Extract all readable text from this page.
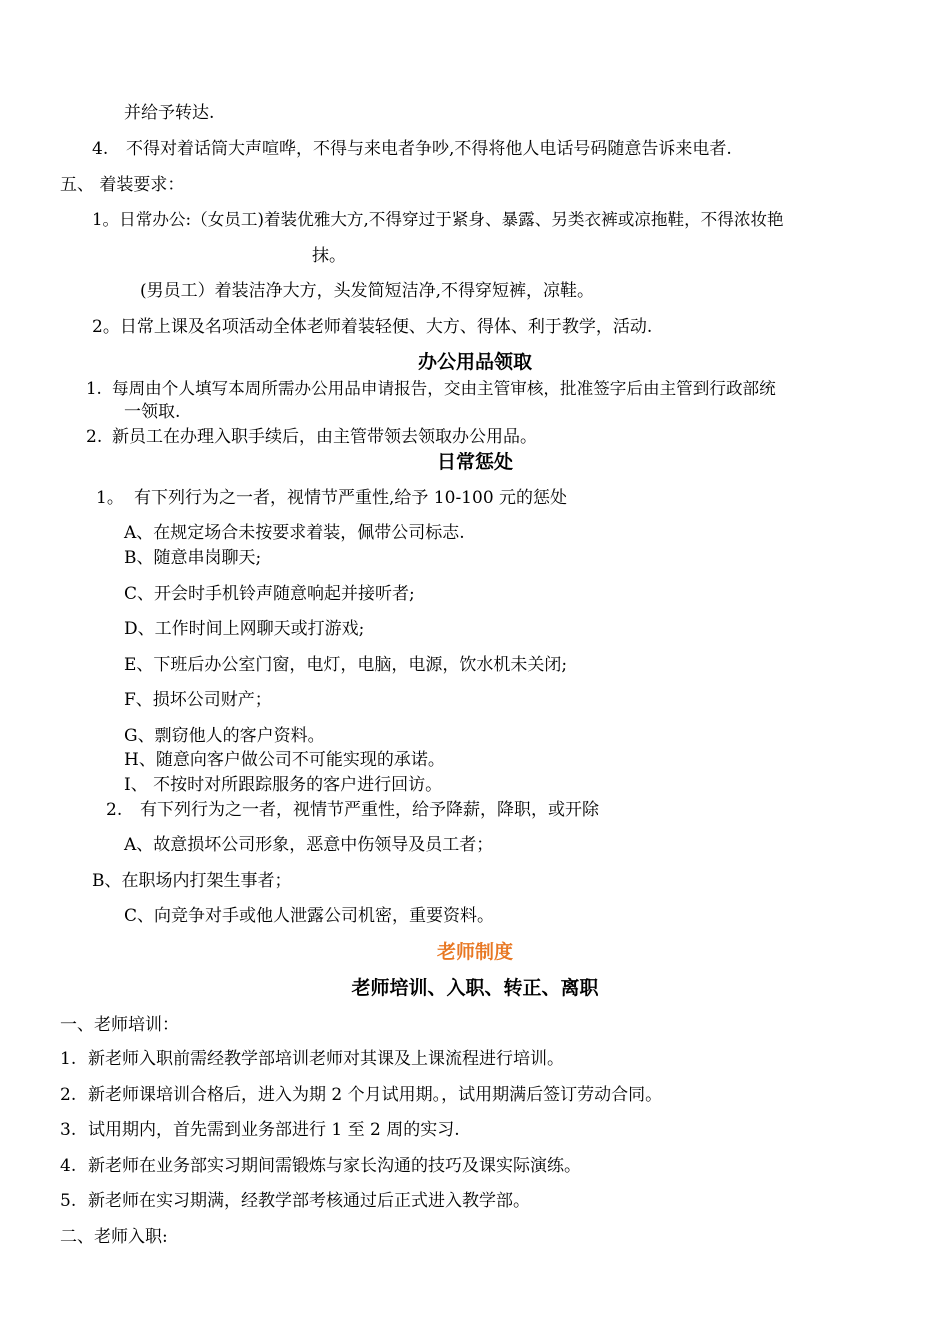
并给予转达.
4. 不得对着话筒大声喧哗，不得与来电者争吵,不得将他人电话号码随意告诉来电者.
五、 着装要求：
1。日常办公:（女员工)着装优雅大方,不得穿过于紧身、暴露、另类衣裤或凉拖鞋，不得浓妆艳
抹。
(男员工）着装洁净大方，头发简短洁净,不得穿短裤，凉鞋。
2。日常上课及名项活动全体老师着装轻便、大方、得体、利于教学，活动.
办公用品领取
1. 每周由个人填写本周所需办公用品申请报告，交由主管审核，批准签字后由主管到行政部统
一领取.
2. 新员工在办理入职手续后，由主管带领去领取办公用品。
日常惩处
1。 有下列行为之一者，视情节严重性,给予 10-100 元的惩处
A、在规定场合未按要求着装，佩带公司标志.
B、随意串岗聊天;
C、开会时手机铃声随意响起并接听者;
D、工作时间上网聊天或打游戏;
E、下班后办公室门窗，电灯，电脑，电源，饮水机未关闭;
F、损坏公司财产；
G、剽窃他人的客户资料。
H、随意向客户做公司不可能实现的承诺。
I、 不按时对所跟踪服务的客户进行回访。
2. 有下列行为之一者，视情节严重性，给予降薪，降职，或开除
A、故意损坏公司形象，恶意中伤领导及员工者；
B、在职场内打架生事者；
C、向竞争对手或他人泄露公司机密，重要资料。
老师制度
老师培训、入职、转正、离职
一、老师培训：
1. 新老师入职前需经教学部培训老师对其课及上课流程进行培训。
2. 新老师课培训合格后，进入为期 2 个月试用期。，试用期满后签订劳动合同。
3. 试用期内，首先需到业务部进行 1 至 2 周的实习.
4. 新老师在业务部实习期间需锻炼与家长沟通的技巧及课实际演练。
5. 新老师在实习期满，经教学部考核通过后正式进入教学部。
二、老师入职:
